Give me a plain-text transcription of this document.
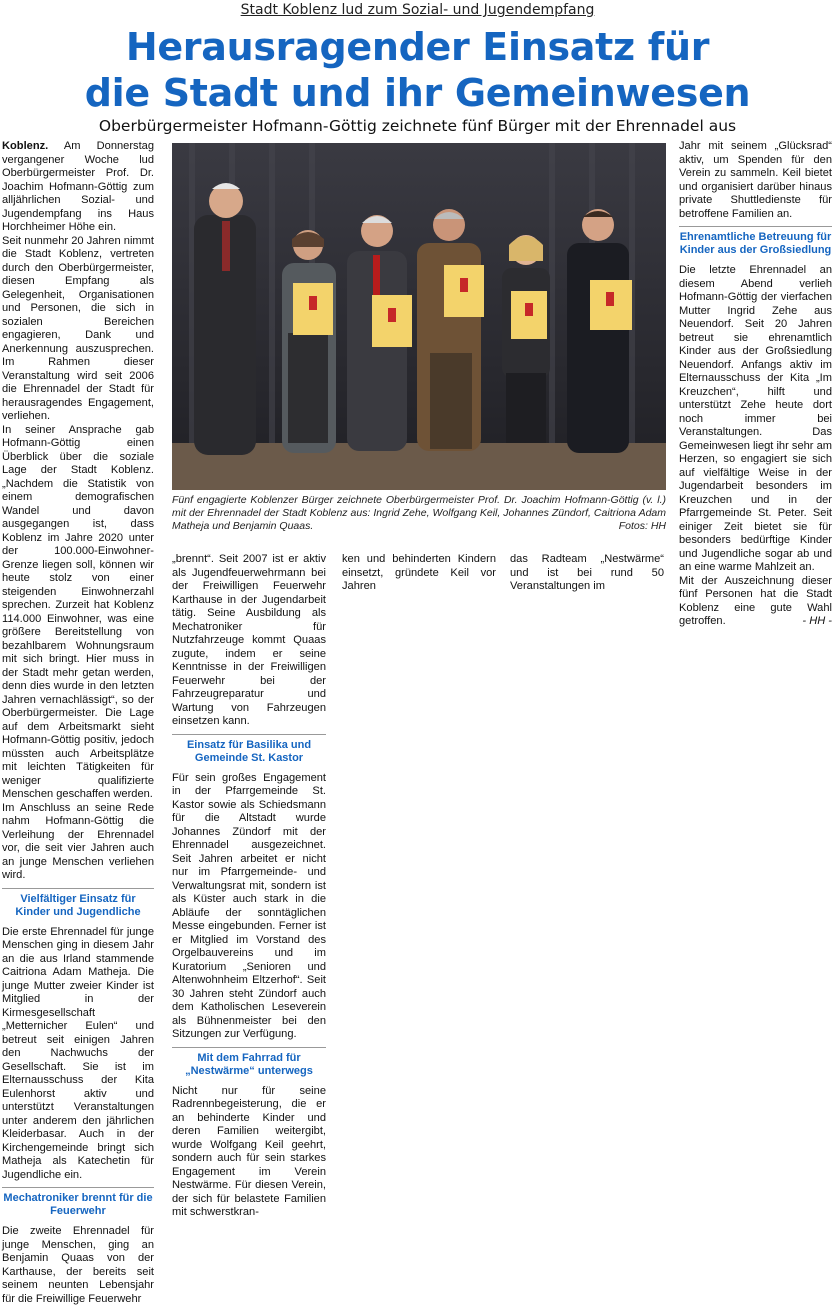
Stadt Koblenz lud zum Sozial- und Jugendempfang
Herausragender Einsatz für
die Stadt und ihr Gemeinwesen
Oberbürgermeister Hofmann-Göttig zeichnete fünf Bürger mit der Ehrennadel aus

Koblenz. Am Donnerstag vergangener Woche lud Oberbürgermeister Prof. Dr. Joachim Hofmann-Göttig zum alljährlichen Sozial- und Jugendempfang ins Haus Horchheimer Höhe ein.

Seit nunmehr 20 Jahren nimmt die Stadt Koblenz, vertreten durch den Oberbürgermeister, diesen Empfang als Gelegenheit, Organisationen und Personen, die sich in sozialen Bereichen engagieren, Dank und Anerkennung auszusprechen. Im Rahmen dieser Veranstaltung wird seit 2006 die Ehrennadel der Stadt für herausragendes Engagement, verliehen.

In seiner Ansprache gab Hofmann-Göttig einen Überblick über die soziale Lage der Stadt Koblenz. „Nachdem die Statistik von einem demografischen Wandel und davon ausgegangen ist, dass Koblenz im Jahre 2020 unter der 100.000-Einwohner-Grenze liegen soll, können wir heute stolz von einer steigenden Einwohnerzahl sprechen. Zurzeit hat Koblenz 114.000 Einwohner, was eine größere Bereitstellung von bezahlbarem Wohnungsraum mit sich bringt. Hier muss in der Stadt mehr getan werden, denn dies wurde in den letzten Jahren vernachlässigt“, so der Oberbürgermeister. Die Lage auf dem Arbeitsmarkt sieht Hofmann-Göttig positiv, jedoch müssten auch Arbeitsplätze mit leichten Tätigkeiten für weniger qualifizierte Menschen geschaffen werden.

Im Anschluss an seine Rede nahm Hofmann-Göttig die Verleihung der Ehrennadel vor, die seit vier Jahren auch an junge Menschen verliehen wird.

Vielfältiger Einsatz für Kinder und Jugendliche

Die erste Ehrennadel für junge Menschen ging in diesem Jahr an die aus Irland stammende Caitriona Adam Matheja. Die junge Mutter zweier Kinder ist Mitglied in der Kirmesgesellschaft „Metternicher Eulen“ und betreut seit einigen Jahren den Nachwuchs der Gesellschaft. Sie ist im Elternausschuss der Kita Eulenhorst aktiv und unterstützt Veranstaltungen unter anderem den jährlichen Kleiderbasar. Auch in der Kirchengemeinde bringt sich Matheja als Katechetin für Jugendliche ein.

Mechatroniker brennt für die Feuerwehr

Die zweite Ehrennadel für junge Menschen, ging an Benjamin Quaas von der Karthause, der bereits seit seinem neunten Lebensjahr für die Freiwillige Feuerwehr

Fünf engagierte Koblenzer Bürger zeichnete Oberbürgermeister Prof. Dr. Joachim Hofmann-Göttig (v. l.) mit der Ehrennadel der Stadt Koblenz aus: Ingrid Zehe, Wolfgang Keil, Johannes Zündorf, Caitriona Adam Matheja und Benjamin Quaas.	Fotos: HH

„brennt“. Seit 2007 ist er aktiv als Jugendfeuerwehrmann bei der Freiwilligen Feuerwehr Karthause in der Jugendarbeit tätig. Seine Ausbildung als Mechatroniker für Nutzfahrzeuge kommt Quaas zugute, indem er seine Kenntnisse in der Freiwilligen Feuerwehr bei der Fahrzeugreparatur und Wartung von Fahrzeugen einsetzen kann.

Einsatz für Basilika und Gemeinde St. Kastor

Für sein großes Engagement in der Pfarrgemeinde St. Kastor sowie als Schiedsmann für die Altstadt wurde Johannes Zündorf mit der Ehrennadel ausgezeichnet. Seit Jahren arbeitet er nicht nur im Pfarrgemeinde- und Verwaltungsrat mit, sondern ist als Küster auch stark in die Abläufe der sonntäglichen Messe eingebunden. Ferner ist er Mitglied im Vorstand des Orgelbauvereins und im Kuratorium „Senioren und Altenwohnheim Eltzerhof“. Seit 30 Jahren steht Zündorf auch dem Katholischen Leseverein als Bühnenmeister bei den Sitzungen zur Verfügung.

Mit dem Fahrrad für „Nestwärme“ unterwegs

Nicht nur für seine Radrennbegeisterung, die er an behinderte Kinder und deren Familien weitergibt, wurde Wolfgang Keil geehrt, sondern auch für sein starkes Engagement im Verein Nestwärme. Für diesen Verein, der sich für belastete Familien mit schwerstkran-

ken und behinderten Kindern einsetzt, gründete Keil vor Jahren

das Radteam „Nestwärme“ und ist bei rund 50 Veranstaltungen im

Jahr mit seinem „Glücksrad“ aktiv, um Spenden für den Verein zu sammeln. Keil bietet und organisiert darüber hinaus private Shuttledienste für betroffene Familien an.

Ehrenamtliche Betreuung für Kinder aus der Großsiedlung

Die letzte Ehrennadel an diesem Abend verlieh Hofmann-Göttig der vierfachen Mutter Ingrid Zehe aus Neuendorf. Seit 20 Jahren betreut sie ehrenamtlich Kinder aus der Großsiedlung Neuendorf. Anfangs aktiv im Elternausschuss der Kita „Im Kreuzchen“, hilft und unterstützt Zehe heute dort noch immer bei Veranstaltungen. Das Gemeinwesen liegt ihr sehr am Herzen, so engagiert sie sich auf vielfältige Weise in der Jugendarbeit besonders im Kreuzchen und in der Pfarrgemeinde St. Peter. Seit einiger Zeit bietet sie für besonders bedürftige Kinder und Jugendliche sogar ab und an eine warme Mahlzeit an.

Mit der Auszeichnung dieser fünf Personen hat die Stadt Koblenz eine gute Wahl getroffen.	- HH -
